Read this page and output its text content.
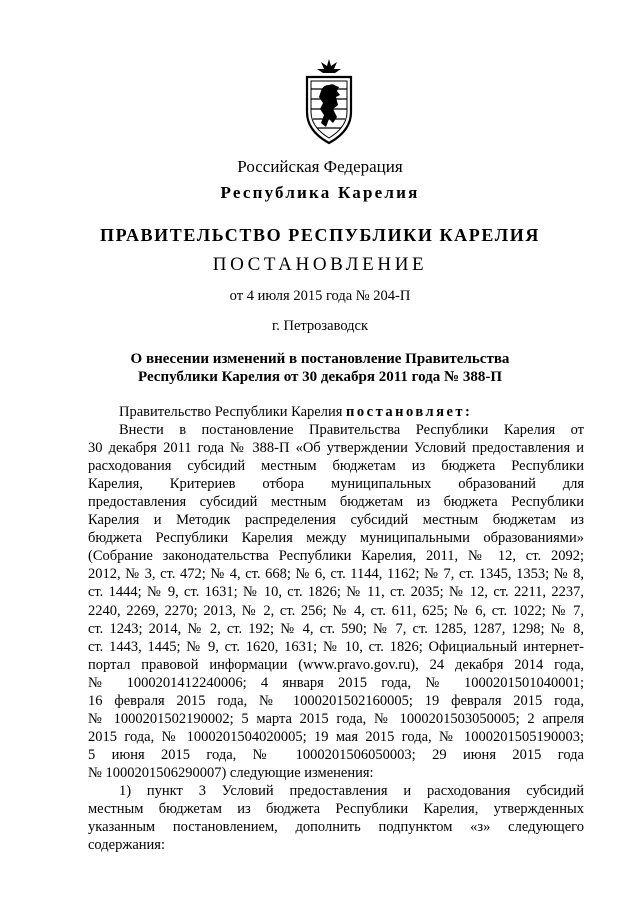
Российская Федерация
Республика Карелия
ПРАВИТЕЛЬСТВО РЕСПУБЛИКИ КАРЕЛИЯ
ПОСТАНОВЛЕНИЕ
от 4 июля 2015 года № 204-П
г. Петрозаводск
О внесении изменений в постановление Правительства
Республики Карелия от 30 декабря 2011 года № 388-П

Правительство Республики Карелия постановляет:

Внести в постановление Правительства Республики Карелия от

30 декабря 2011 года № 388-П «Об утверждении Условий предоставления и

расходования субсидий местным бюджетам из бюджета Республики

Карелия, Критериев отбора муниципальных образований для

предоставления субсидий местным бюджетам из бюджета Республики

Карелия и Методик распределения субсидий местным бюджетам из

бюджета Республики Карелия между муниципальными образованиями»

(Собрание законодательства Республики Карелия, 2011, № 12, ст. 2092;

2012, № 3, ст. 472; № 4, ст. 668; № 6, ст. 1144, 1162; № 7, ст. 1345, 1353; № 8,

ст. 1444; № 9, ст. 1631; № 10, ст. 1826; № 11, ст. 2035; № 12, ст. 2211, 2237,

2240, 2269, 2270; 2013, № 2, ст. 256; № 4, ст. 611, 625; № 6, ст. 1022; № 7,

ст. 1243; 2014, № 2, ст. 192; № 4, ст. 590; № 7, ст. 1285, 1287, 1298; № 8,

ст. 1443, 1445; № 9, ст. 1620, 1631; № 10, ст. 1826; Официальный интернет-

портал правовой информации (www.pravo.gov.ru), 24 декабря 2014 года,

№ 1000201412240006; 4 января 2015 года, № 1000201501040001;

16 февраля 2015 года, № 1000201502160005; 19 февраля 2015 года,

№ 1000201502190002; 5 марта 2015 года, № 1000201503050005; 2 апреля

2015 года, № 1000201504020005; 19 мая 2015 года, № 1000201505190003;

5 июня 2015 года, № 1000201506050003; 29 июня 2015 года

№ 1000201506290007) следующие изменения:

1) пункт 3 Условий предоставления и расходования субсидий

местным бюджетам из бюджета Республики Карелия, утвержденных

указанным постановлением, дополнить подпунктом «з» следующего

содержания:
